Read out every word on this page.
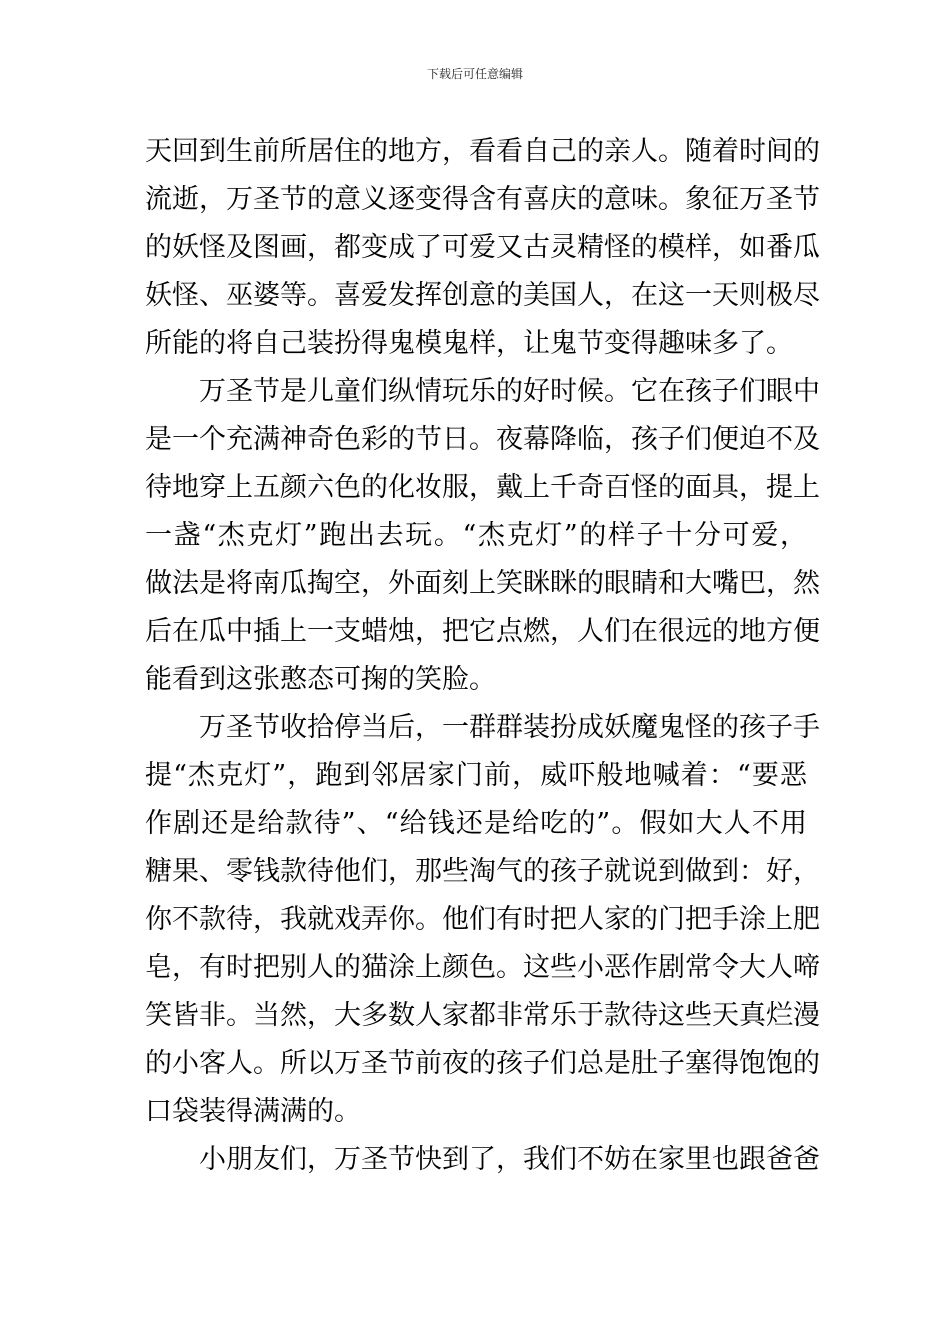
下载后可任意编辑
天回到生前所居住的地方，看看自己的亲人。随着时间的
流逝，万圣节的意义逐变得含有喜庆的意味。象征万圣节
的妖怪及图画，都变成了可爱又古灵精怪的模样，如番瓜
妖怪、巫婆等。喜爱发挥创意的美国人，在这一天则极尽
所能的将自己装扮得鬼模鬼样，让鬼节变得趣味多了。
万圣节是儿童们纵情玩乐的好时候。它在孩子们眼中
是一个充满神奇色彩的节日。夜幕降临，孩子们便迫不及
待地穿上五颜六色的化妆服，戴上千奇百怪的面具，提上
一盏“杰克灯”跑出去玩。“杰克灯”的样子十分可爱，
做法是将南瓜掏空，外面刻上笑眯眯的眼睛和大嘴巴，然
后在瓜中插上一支蜡烛，把它点燃，人们在很远的地方便
能看到这张憨态可掬的笑脸。
万圣节收拾停当后，一群群装扮成妖魔鬼怪的孩子手
提“杰克灯”，跑到邻居家门前，威吓般地喊着：“要恶
作剧还是给款待”、“给钱还是给吃的”。假如大人不用
糖果、零钱款待他们，那些淘气的孩子就说到做到：好，
你不款待，我就戏弄你。他们有时把人家的门把手涂上肥
皂，有时把别人的猫涂上颜色。这些小恶作剧常令大人啼
笑皆非。当然，大多数人家都非常乐于款待这些天真烂漫
的小客人。所以万圣节前夜的孩子们总是肚子塞得饱饱的
口袋装得满满的。
小朋友们，万圣节快到了，我们不妨在家里也跟爸爸
